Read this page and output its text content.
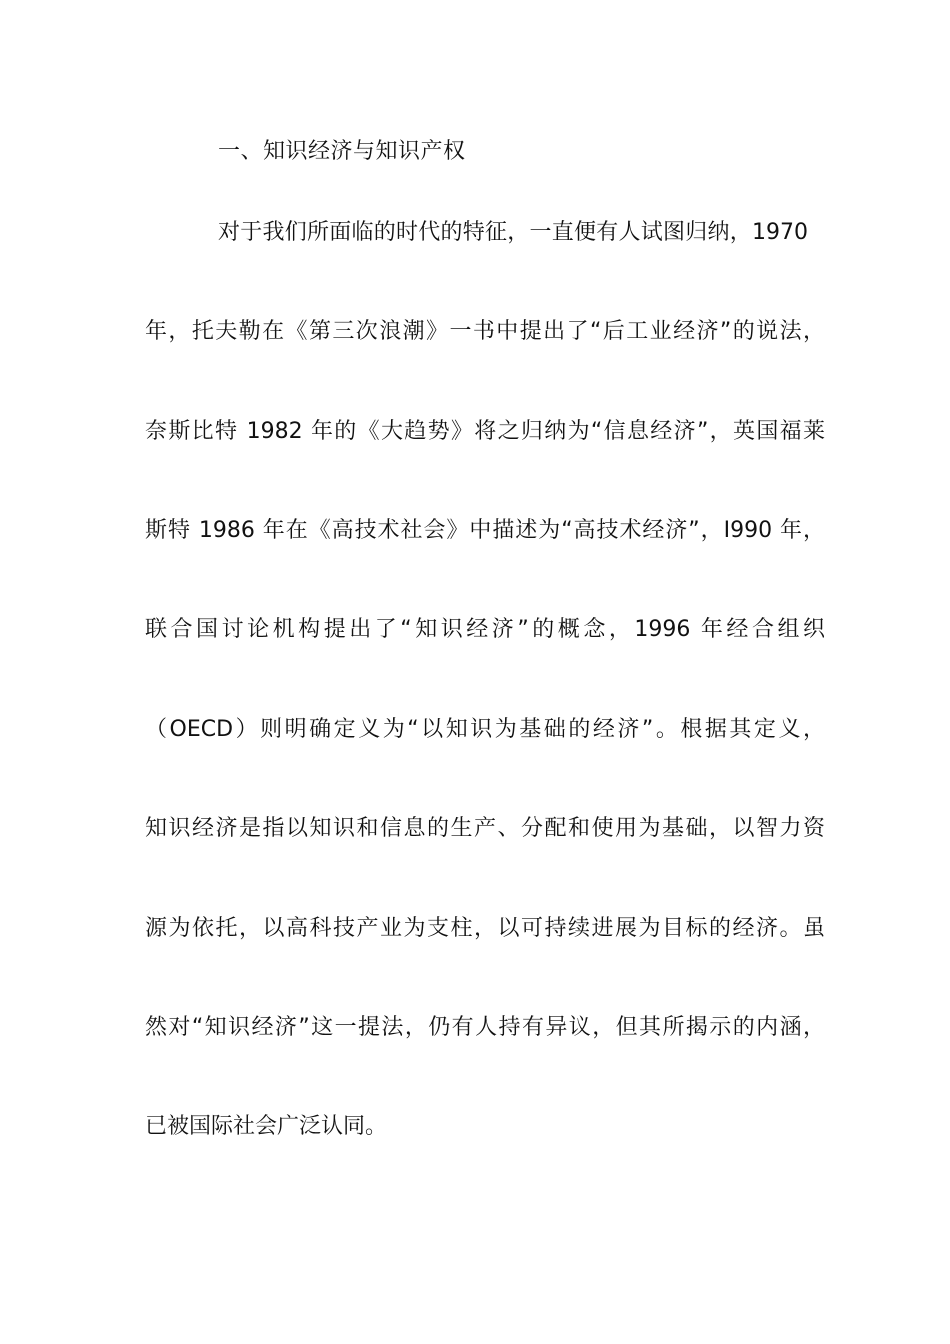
一、知识经济与知识产权
对于我们所面临的时代的特征，一直便有人试图归纳，1970
年，托夫勒在《第三次浪潮》一书中提出了“后工业经济”的说法，
奈斯比特 1982 年的《大趋势》将之归纳为“信息经济”，英国福莱
斯特 1986 年在《高技术社会》中描述为“高技术经济”，I990 年，
联合国讨论机构提出了“知识经济”的概念，1996 年经合组织
（OECD）则明确定义为“以知识为基础的经济”。根据其定义，
知识经济是指以知识和信息的生产、分配和使用为基础，以智力资
源为依托，以高科技产业为支柱，以可持续进展为目标的经济。虽
然对“知识经济”这一提法，仍有人持有异议，但其所揭示的内涵，
已被国际社会广泛认同。
